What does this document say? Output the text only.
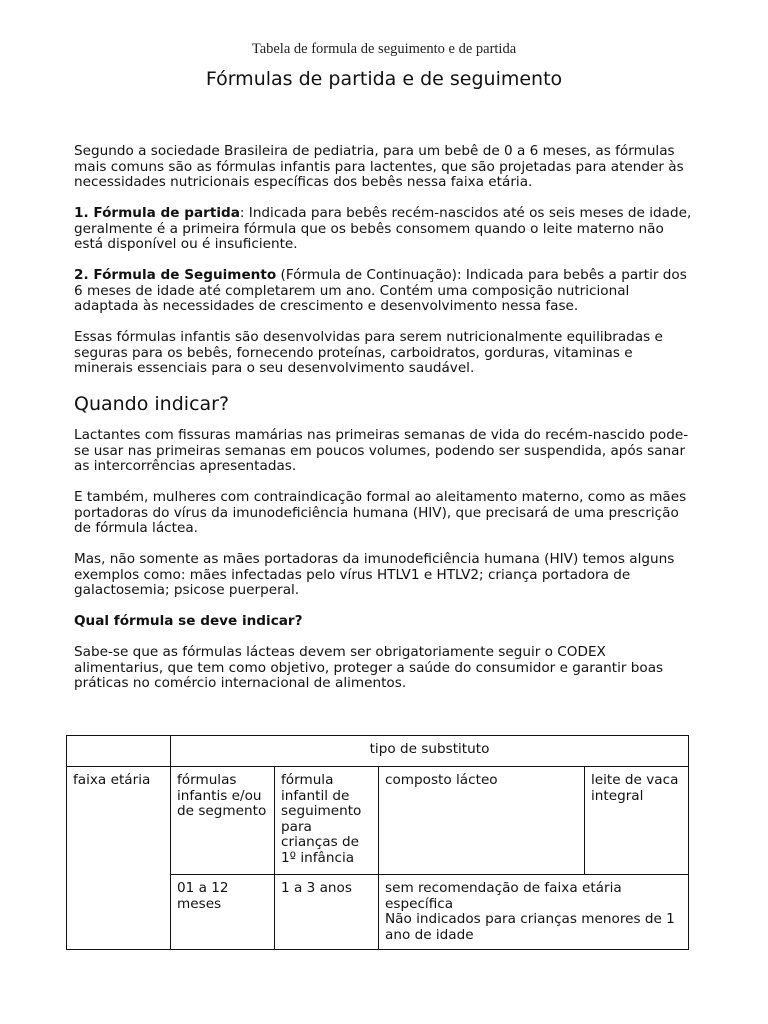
Tabela de formula de seguimento e de partida
Fórmulas de partida e de seguimento

Segundo a sociedade Brasileira de pediatria, para um bebê de 0 a 6 meses, as fórmulas mais comuns são as fórmulas infantis para lactentes, que são projetadas para atender às necessidades nutricionais específicas dos bebês nessa faixa etária.

1. Fórmula de partida: Indicada para bebês recém-nascidos até os seis meses de idade, geralmente é a primeira fórmula que os bebês consomem quando o leite materno não está disponível ou é insuficiente.

2. Fórmula de Seguimento (Fórmula de Continuação): Indicada para bebês a partir dos 6 meses de idade até completarem um ano. Contém uma composição nutricional adaptada às necessidades de crescimento e desenvolvimento nessa fase.

Essas fórmulas infantis são desenvolvidas para serem nutricionalmente equilibradas e seguras para os bebês, fornecendo proteínas, carboidratos, gorduras, vitaminas e minerais essenciais para o seu desenvolvimento saudável.

Quando indicar?

Lactantes com fissuras mamárias nas primeiras semanas de vida do recém-nascido pode-se usar nas primeiras semanas em poucos volumes, podendo ser suspendida, após sanar as intercorrências apresentadas.

E também, mulheres com contraindicação formal ao aleitamento materno, como as mães portadoras do vírus da imunodeficiência humana (HIV), que precisará de uma prescrição de fórmula láctea.

Mas, não somente as mães portadoras da imunodeficiência humana (HIV) temos alguns exemplos como: mães infectadas pelo vírus HTLV1 e HTLV2; criança portadora de galactosemia; psicose puerperal.

Qual fórmula se deve indicar?

Sabe-se que as fórmulas lácteas devem ser obrigatoriamente seguir o CODEX alimentarius, que tem como objetivo, proteger a saúde do consumidor e garantir boas práticas no comércio internacional de alimentos.

	tipo de substituto			
faixa etária	fórmulas infantis e/ou de segmento	fórmula infantil de seguimento para crianças de 1º infância	composto lácteo	leite de vaca integral
	01 a 12 meses	1 a 3 anos	sem recomendação de faixa etária específica
Não indicados para crianças menores de 1 ano de idade	
